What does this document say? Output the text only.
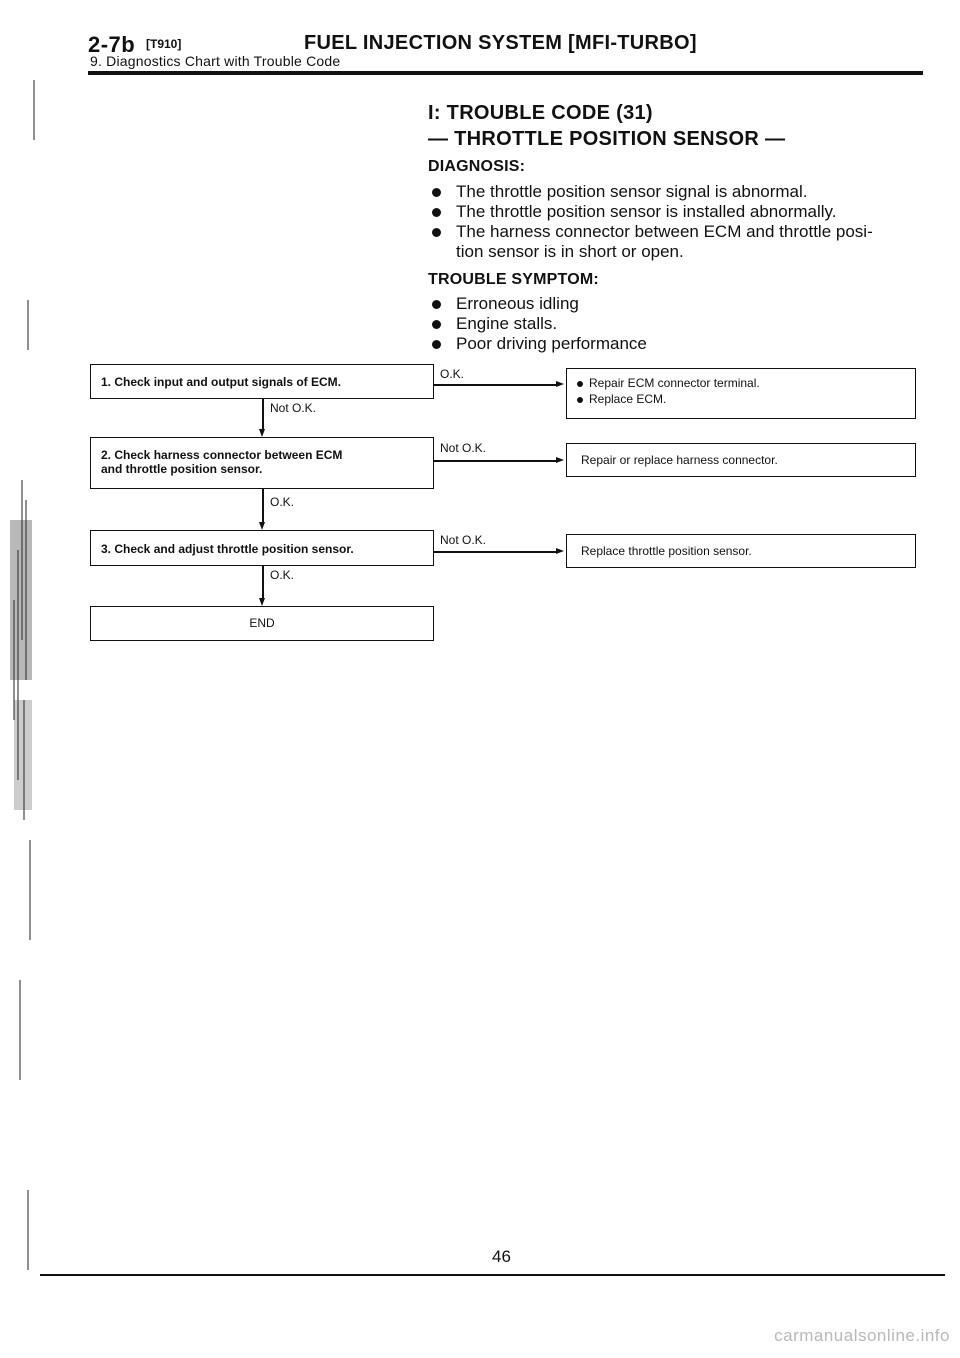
2-7b [T910]	FUEL INJECTION SYSTEM [MFI-TURBO]
9. Diagnostics Chart with Trouble Code
I: TROUBLE CODE (31)
— THROTTLE POSITION SENSOR —
DIAGNOSIS:
The throttle position sensor signal is abnormal.
The throttle position sensor is installed abnormally.
The harness connector between ECM and throttle posi-
tion sensor is in short or open.
TROUBLE SYMPTOM:
Erroneous idling
Engine stalls.
Poor driving performance
1. Check input and output signals of ECM.
2. Check harness connector between ECM
and throttle position sensor.
3. Check and adjust throttle position sensor.
END
Not O.K.
O.K.
O.K.
O.K.
Not O.K.
Not O.K.
Repair ECM connector terminal.
Replace ECM.
Repair or replace harness connector.
Replace throttle position sensor.
46
carmanualsonline.info
